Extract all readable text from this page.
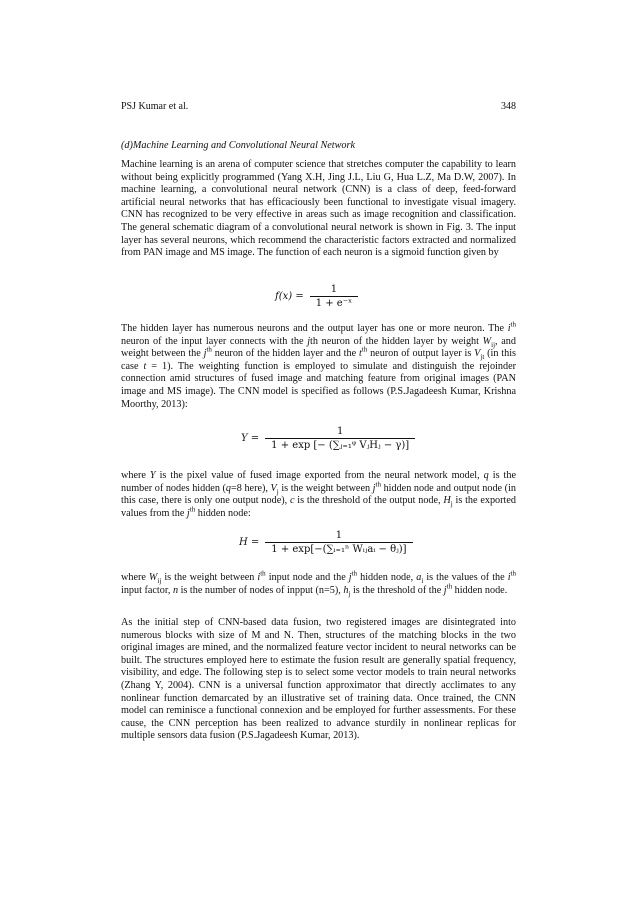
PSJ Kumar et al.	348
(d)Machine Learning and Convolutional Neural Network

Machine learning is an arena of computer science that stretches computer the capability to learn without being explicitly programmed (Yang X.H, Jing J.L, Liu G, Hua L.Z, Ma D.W, 2007). In machine learning, a convolutional neural network (CNN) is a class of deep, feed-forward artificial neural networks that has efficaciously been functional to investigate visual imagery. CNN has recognized to be very effective in areas such as image recognition and classification. The general schematic diagram of a convolutional neural network is shown in Fig. 3. The input layer has several neurons, which recommend the characteristic factors extracted and normalized from PAN image and MS image. The function of each neuron is a sigmoid function given by

$f(x) = \frac{1}{\text{1 + e⁻ˣ}}$

The hidden layer has numerous neurons and the output layer has one or more neuron. The $i^{th}$ neuron of the input layer connects with the jth neuron of the hidden layer by weight $W_{ij}$, and weight between the $j^{th}$ neuron of the hidden layer and the $t^{th}$ neuron of output layer is $V_{jt}$ (in this case t = 1). The weighting function is employed to simulate and distinguish the rejoinder connection amid structures of fused image and matching feature from original images (PAN image and MS image). The CNN model is specified as follows (P.S.Jagadeesh Kumar, Krishna Moorthy, 2013):

$Y = \frac{1}{\text{1 + exp [− (∑ⱼ₌₁ᵠ VⱼHⱼ − γ)]}}$

where Y is the pixel value of fused image exported from the neural network model, q is the number of nodes hidden (q=8 here), $V_j$ is the weight between $j^{th}$ hidden node and output node (in this case, there is only one output node), c is the threshold of the output node, $H_j$ is the exported values from the $j^{th}$ hidden node:

$H = \frac{1}{\text{1 + exp[−(∑ᵢ₌₁ⁿ Wᵢⱼaᵢ − θⱼ)]}}$

where $W_{ij}$ is the weight between $i^{th}$ input node and the $j^{th}$ hidden node, $a_i$ is the values of the $i^{th}$ input factor, n is the number of nodes of inpput (n=5), $h_j$ is the threshold of the $j^{th}$ hidden node.

As the initial step of CNN-based data fusion, two registered images are disintegrated into numerous blocks with size of M and N. Then, structures of the matching blocks in the two original images are mined, and the normalized feature vector incident to neural networks can be built. The structures employed here to estimate the fusion result are generally spatial frequency, visibility, and edge. The following step is to select some vector models to train neural networks (Zhang Y, 2004). CNN is a universal function approximator that directly acclimates to any nonlinear function demarcated by an illustrative set of training data. Once trained, the CNN model can reminisce a functional connexion and be employed for further assessments. For these cause, the CNN perception has been realized to advance sturdily in nonlinear replicas for multiple sensors data fusion (P.S.Jagadeesh Kumar, 2013).
